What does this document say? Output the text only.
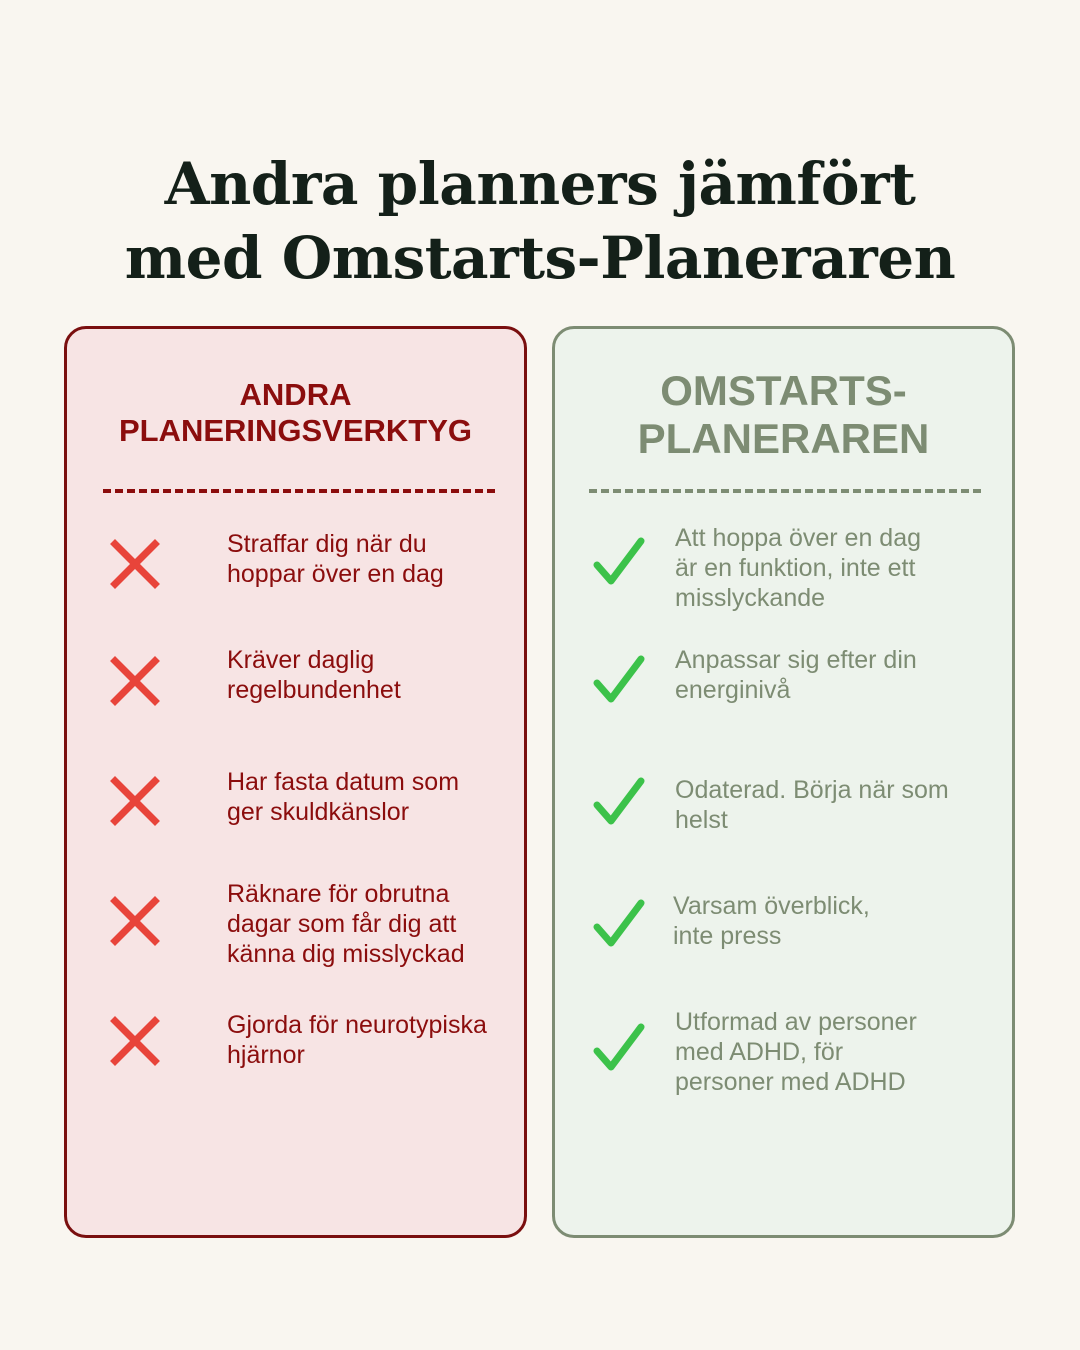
Andra planners jämfört
med Omstarts-Planeraren
ANDRA
PLANERINGSVERKTYG
Straffar dig när du
hoppar över en dag
Kräver daglig
regelbundenhet
Har fasta datum som
ger skuldkänslor
Räknare för obrutna
dagar som får dig att
känna dig misslyckad
Gjorda för neurotypiska
hjärnor
OMSTARTS-
PLANERAREN
Att hoppa över en dag
är en funktion, inte ett
misslyckande
Anpassar sig efter din
energinivå
Odaterad. Börja när som
helst
Varsam överblick,
inte press
Utformad av personer
med ADHD, för
personer med ADHD
